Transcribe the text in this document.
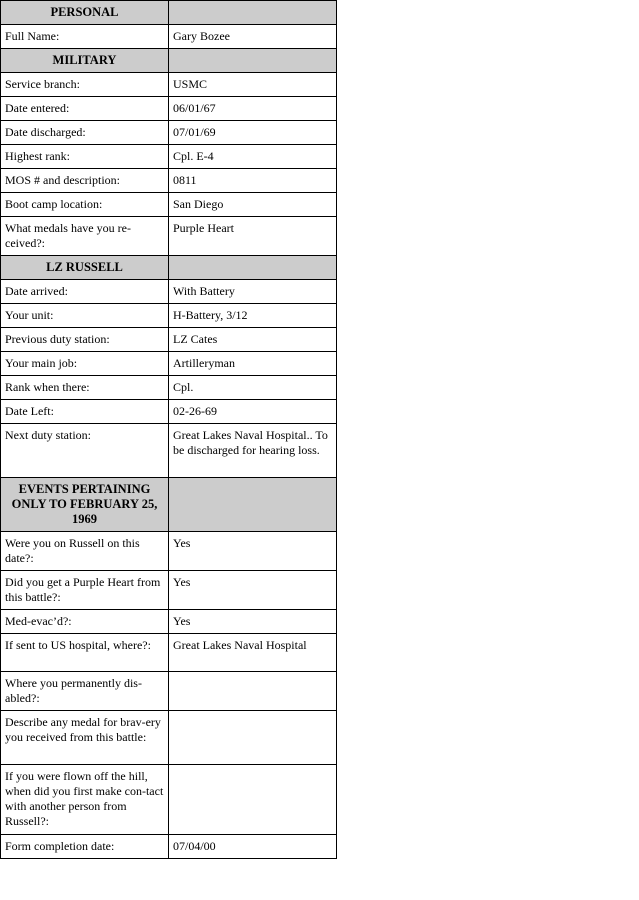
PERSONAL	
Full Name:	Gary Bozee
MILITARY	
Service branch:	USMC
Date entered:	06/01/67
Date discharged:	07/01/69
Highest rank:	Cpl. E-4
MOS # and description:	0811
Boot camp location:	San Diego
What medals have you re-ceived?:	Purple Heart
LZ RUSSELL	
Date arrived:	With Battery
Your unit:	H-Battery, 3/12
Previous duty station:	LZ Cates
Your main job:	Artilleryman
Rank when there:	Cpl.
Date Left:	02-26-69
Next duty station:	Great Lakes Naval Hospital.. To be discharged for hearing loss.
EVENTS PERTAINING ONLY TO FEBRUARY 25, 1969	
Were you on Russell on this date?:	Yes
Did you get a Purple Heart from this battle?:	Yes
Med-evac’d?:	Yes
If sent to US hospital, where?:	Great Lakes Naval Hospital
Where you permanently dis-abled?:	
Describe any medal for brav-ery you received from this battle:	
If you were flown off the hill, when did you first make con-tact with another person from Russell?:	
Form completion date:	07/04/00
